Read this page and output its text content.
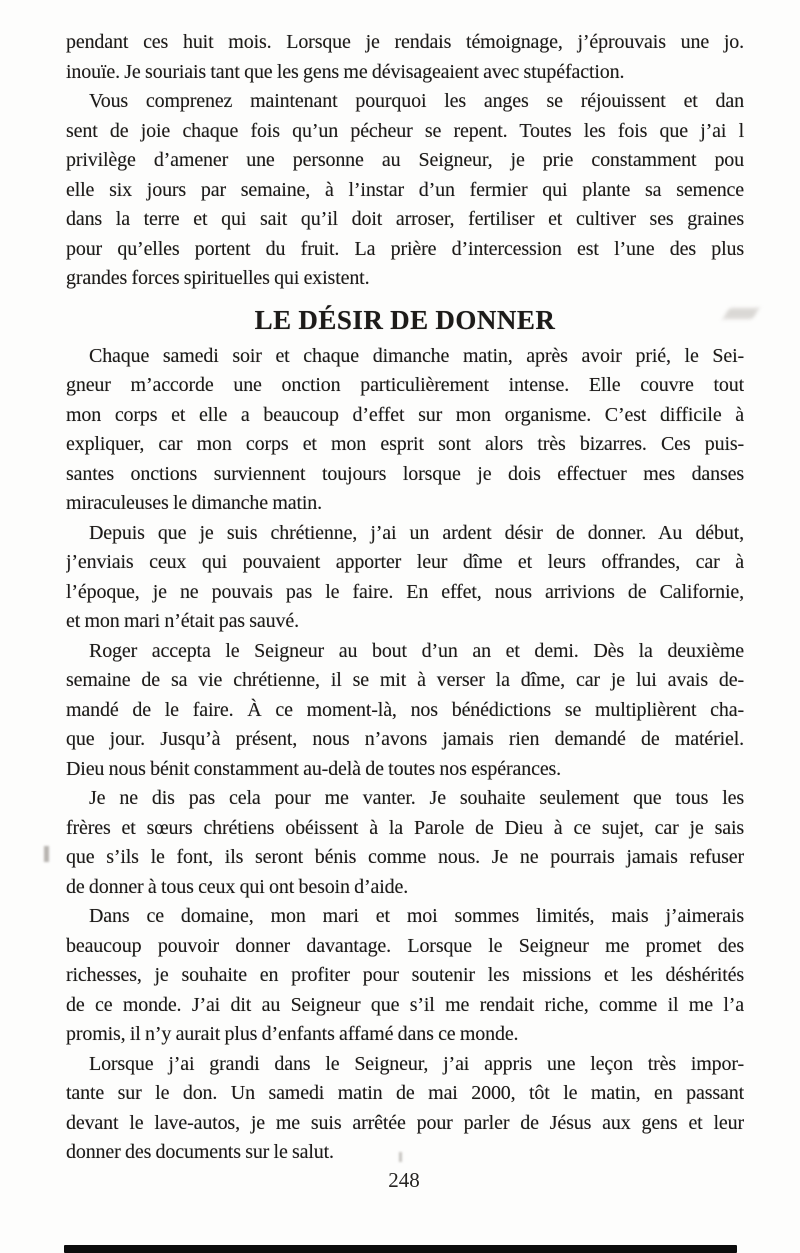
pendant ces huit mois. Lorsque je rendais témoignage, j’éprouvais une jo.
inouïe. Je souriais tant que les gens me dévisageaient avec stupéfaction.
Vous comprenez maintenant pourquoi les anges se réjouissent et dan
sent de joie chaque fois qu’un pécheur se repent. Toutes les fois que j’ai l
privilège d’amener une personne au Seigneur, je prie constamment pou
elle six jours par semaine, à l’instar d’un fermier qui plante sa semence
dans la terre et qui sait qu’il doit arroser, fertiliser et cultiver ses graines
pour qu’elles portent du fruit. La prière d’intercession est l’une des plus
grandes forces spirituelles qui existent.
LE DÉSIR DE DONNER
Chaque samedi soir et chaque dimanche matin, après avoir prié, le Sei-
gneur m’accorde une onction particulièrement intense. Elle couvre tout
mon corps et elle a beaucoup d’effet sur mon organisme. C’est difficile à
expliquer, car mon corps et mon esprit sont alors très bizarres. Ces puis-
santes onctions surviennent toujours lorsque je dois effectuer mes danses
miraculeuses le dimanche matin.
Depuis que je suis chrétienne, j’ai un ardent désir de donner. Au début,
j’enviais ceux qui pouvaient apporter leur dîme et leurs offrandes, car à
l’époque, je ne pouvais pas le faire. En effet, nous arrivions de Californie,
et mon mari n’était pas sauvé.
Roger accepta le Seigneur au bout d’un an et demi. Dès la deuxième
semaine de sa vie chrétienne, il se mit à verser la dîme, car je lui avais de-
mandé de le faire. À ce moment-là, nos bénédictions se multiplièrent cha-
que jour. Jusqu’à présent, nous n’avons jamais rien demandé de matériel.
Dieu nous bénit constamment au-delà de toutes nos espérances.
Je ne dis pas cela pour me vanter. Je souhaite seulement que tous les
frères et sœurs chrétiens obéissent à la Parole de Dieu à ce sujet, car je sais
que s’ils le font, ils seront bénis comme nous. Je ne pourrais jamais refuser
de donner à tous ceux qui ont besoin d’aide.
Dans ce domaine, mon mari et moi sommes limités, mais j’aimerais
beaucoup pouvoir donner davantage. Lorsque le Seigneur me promet des
richesses, je souhaite en profiter pour soutenir les missions et les déshérités
de ce monde. J’ai dit au Seigneur que s’il me rendait riche, comme il me l’a
promis, il n’y aurait plus d’enfants affamé dans ce monde.
Lorsque j’ai grandi dans le Seigneur, j’ai appris une leçon très impor-
tante sur le don. Un samedi matin de mai 2000, tôt le matin, en passant
devant le lave-autos, je me suis arrêtée pour parler de Jésus aux gens et leur
donner des documents sur le salut.
248
